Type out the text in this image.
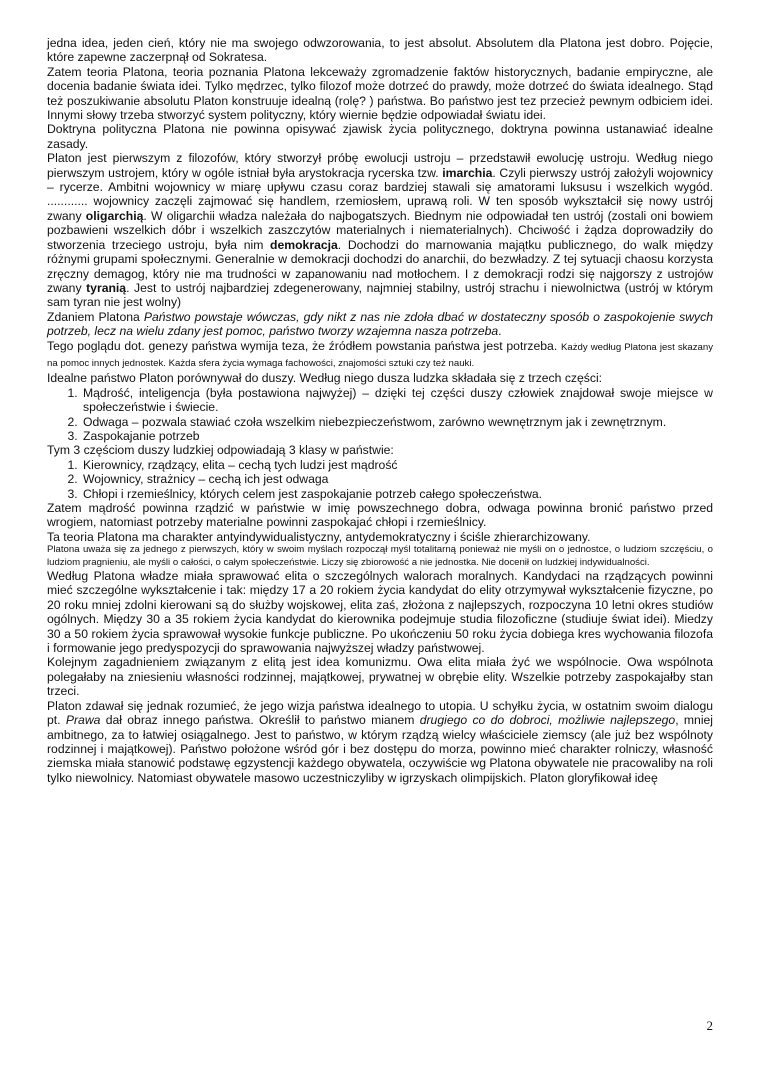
jedna idea, jeden cień, który nie ma swojego odwzorowania, to jest absolut. Absolutem dla Platona jest dobro. Pojęcie, które zapewne zaczerpnął od Sokratesa.

Zatem teoria Platona, teoria poznania Platona lekceważy zgromadzenie faktów historycznych, badanie empiryczne, ale docenia badanie świata idei. Tylko mędrzec, tylko filozof może dotrzeć do prawdy, może dotrzeć do świata idealnego. Stąd też poszukiwanie absolutu Platon konstruuje idealną (rolę? ) państwa. Bo państwo jest tez przecież pewnym odbiciem idei. Innymi słowy trzeba stworzyć system polityczny, który wiernie będzie odpowiadał światu idei.

Doktryna polityczna Platona nie powinna opisywać zjawisk życia politycznego, doktryna powinna ustanawiać idealne zasady.

Platon jest pierwszym z filozofów, który stworzył próbę ewolucji ustroju – przedstawił ewolucję ustroju. Według niego pierwszym ustrojem, który w ogóle istniał była arystokracja rycerska tzw. imarchia. Czyli pierwszy ustrój założyli wojownicy – rycerze. Ambitni wojownicy w miarę upływu czasu coraz bardziej stawali się amatorami luksusu i wszelkich wygód. ............ wojownicy zaczęli zajmować się handlem, rzemiosłem, uprawą roli. W ten sposób wykształcił się nowy ustrój zwany oligarchią. W oligarchii władza należała do najbogatszych. Biednym nie odpowiadał ten ustrój (zostali oni bowiem pozbawieni wszelkich dóbr i wszelkich zaszczytów materialnych i niematerialnych). Chciwość i żądza doprowadziły do stworzenia trzeciego ustroju, była nim demokracja. Dochodzi do marnowania majątku publicznego, do walk między różnymi grupami społecznymi. Generalnie w demokracji dochodzi do anarchii, do bezwładzy. Z tej sytuacji chaosu korzysta zręczny demagog, który nie ma trudności w zapanowaniu nad motłochem. I z demokracji rodzi się najgorszy z ustrojów zwany tyranią. Jest to ustrój najbardziej zdegenerowany, najmniej stabilny, ustrój strachu i niewolnictwa (ustrój w którym sam tyran nie jest wolny)

Zdaniem Platona Państwo powstaje wówczas, gdy nikt z nas nie zdoła dbać w dostateczny sposób o zaspokojenie swych potrzeb, lecz na wielu zdany jest pomoc, państwo tworzy wzajemna nasza potrzeba.

Tego poglądu dot. genezy państwa wymija teza, że źródłem powstania państwa jest potrzeba. Każdy według Platona jest skazany na pomoc innych jednostek. Każda sfera życia wymaga fachowości, znajomości sztuki czy też nauki.

Idealne państwo Platon porównywał do duszy. Według niego dusza ludzka składała się z trzech części:

1. Mądrość, inteligencja (była postawiona najwyżej) – dzięki tej części duszy człowiek znajdował swoje miejsce w społeczeństwie i świecie.
2. Odwaga – pozwala stawiać czoła wszelkim niebezpieczeństwom, zarówno wewnętrznym jak i zewnętrznym.
3. Zaspokajanie potrzeb

Tym 3 częściom duszy ludzkiej odpowiadają 3 klasy w państwie:

1. Kierownicy, rządzący, elita – cechą tych ludzi jest mądrość
2. Wojownicy, strażnicy – cechą ich jest odwaga
3. Chłopi i rzemieślnicy, których celem jest zaspokajanie potrzeb całego społeczeństwa.

Zatem mądrość powinna rządzić w państwie w imię powszechnego dobra, odwaga powinna bronić państwo przed wrogiem, natomiast potrzeby materialne powinni zaspokajać chłopi i rzemieślnicy.

Ta teoria Platona ma charakter antyindywidualistyczny, antydemokratyczny i ściśle zhierarchizowany.

Platona uważa się za jednego z pierwszych, który w swoim myślach rozpoczął myśl totalitarną ponieważ nie myśli on o jednostce, o ludziom szczęściu, o ludziom pragnieniu, ale myśli o całości, o całym społeczeństwie. Liczy się zbiorowość a nie jednostka. Nie docenił on ludzkiej indywidualności.

Według Platona władze miała sprawować elita o szczególnych walorach moralnych. Kandydaci na rządzących powinni mieć szczególne wykształcenie i tak: między 17 a 20 rokiem życia kandydat do elity otrzymywał wykształcenie fizyczne, po 20 roku mniej zdolni kierowani są do służby wojskowej, elita zaś, złożona z najlepszych, rozpoczyna 10 letni okres studiów ogólnych. Między 30 a 35 rokiem życia kandydat do kierownika podejmuje studia filozoficzne (studiuje świat idei). Miedzy 30 a 50 rokiem życia sprawował wysokie funkcje publiczne. Po ukończeniu 50 roku życia dobiega kres wychowania filozofa i formowanie jego predyspozycji do sprawowania najwyższej władzy państwowej.

Kolejnym zagadnieniem związanym z elitą jest idea komunizmu. Owa elita miała żyć we wspólnocie. Owa wspólnota polegałaby na zniesieniu własności rodzinnej, majątkowej, prywatnej w obrębie elity. Wszelkie potrzeby zaspokajałby stan trzeci.

Platon zdawał się jednak rozumieć, że jego wizja państwa idealnego to utopia. U schyłku życia, w ostatnim swoim dialogu pt. Prawa dał obraz innego państwa. Określił to państwo mianem drugiego co do dobroci, możliwie najlepszego, mniej ambitnego, za to łatwiej osiągalnego. Jest to państwo, w którym rządzą wielcy właściciele ziemscy (ale już bez wspólnoty rodzinnej i majątkowej). Państwo położone wśród gór i bez dostępu do morza, powinno mieć charakter rolniczy, własność ziemska miała stanowić podstawę egzystencji każdego obywatela, oczywiście wg Platona obywatele nie pracowaliby na roli tylko niewolnicy. Natomiast obywatele masowo uczestniczyliby w igrzyskach olimpijskich. Platon gloryfikował ideę

2
